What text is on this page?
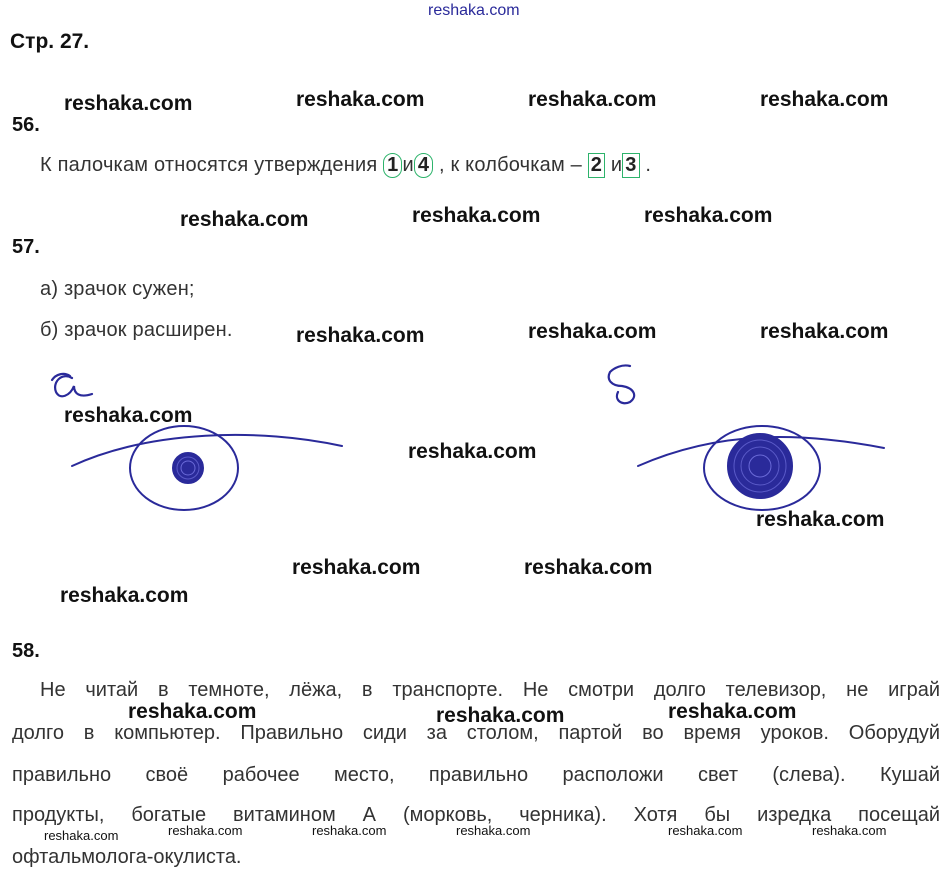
reshaka.com
Стр. 27.
56.
К палочкам относятся утверждения 1 и 4 , к колбочкам – 2 и 3 .
57.
а) зрачок сужен;
б) зрачок расширен.
58.
Не читай в темноте, лёжа, в транспорте. Не смотри долго телевизор, не играй
долго в компьютер. Правильно сиди за столом, партой во время уроков. Оборудуй
правильно своё рабочее место, правильно расположи свет (слева). Кушай
продукты, богатые витамином А (морковь, черника). Хотя бы изредка посещай
офтальмолога-окулиста.
reshaka.com	reshaka.com	reshaka.com	reshaka.com
reshaka.com	reshaka.com	reshaka.com
reshaka.com	reshaka.com	reshaka.com
reshaka.com
reshaka.com
reshaka.com
reshaka.com	reshaka.com
reshaka.com
reshaka.com	reshaka.com	reshaka.com
reshaka.com	reshaka.com	reshaka.com	reshaka.com	reshaka.com	reshaka.com
